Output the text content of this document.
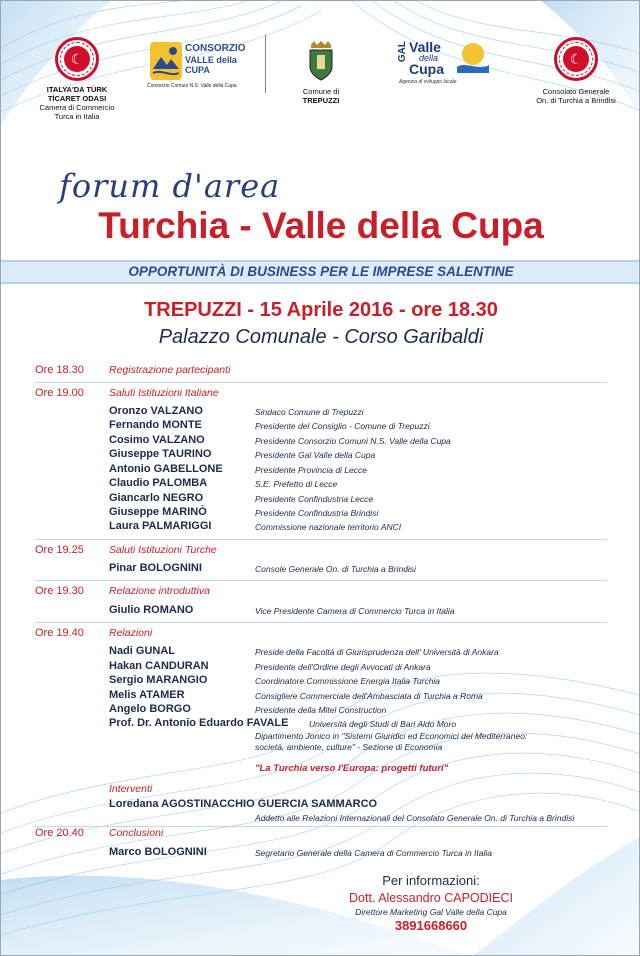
☾
ITALYA'DA TÜRK
TİCARET ODASI
Camera di Commercio
Turca in Italia
CONSORZIO
VALLE della CUPA
Consorzio Comuni N.S. Valle della Cupa
Comune di
TREPUZZI
GAL Valle
della
Cupa
Agenzia di sviluppo locale
☾
Consolato Generale
On. di Turchia a Brindisi
forum d'area
Turchia - Valle della Cupa
OPPORTUNITÀ DI BUSINESS PER LE IMPRESE SALENTINE
TREPUZZI - 15 Aprile 2016 - ore 18.30
Palazzo Comunale - Corso Garibaldi
Ore 18.30 Registrazione partecipanti
Ore 19.00 Saluti Istituzioni Italiane
Oronzo VALZANO	Sindaco Comune di Trepuzzi
Fernando MONTE	Presidente del Consiglio - Comune di Trepuzzi
Cosimo VALZANO	Presidente Consorzio Comuni N.S. Valle della Cupa
Giuseppe TAURINO	Presidente Gal Valle della Cupa
Antonio GABELLONE	Presidente Provincia di Lecce
Claudio PALOMBA	S.E. Prefetto di Lecce
Giancarlo NEGRO	Presidente Confindustria Lecce
Giuseppe MARINÒ	Presidente Confindustria Brindisi
Laura PALMARIGGI	Commissione nazionale territorio ANCI
Ore 19.25 Saluti Istituzioni Turche
Pinar BOLOGNINI	Console Generale On. di Turchia a Brindisi
Ore 19.30 Relazione introduttiva
Giulio ROMANO	Vice Presidente Camera di Commercio Turca in Italia
Ore 19.40 Relazioni
Nadi GUNAL	Preside della Facoltà di Giurisprudenza dell' Università di Ankara
Hakan CANDURAN	Presidente dell'Ordine degli Avvocati di Ankara
Sergio MARANGIO	Coordinatore Commissione Energia Italia Turchia
Melis ATAMER	Consigliere Commerciale dell'Ambasciata di Turchia a Roma
Angelo BORGO	Presidente della Mitel Construction
Prof. Dr. Antonio Eduardo FAVALE Università degli Studi di Bari Aldo Moro
Dipartimento Jonico in "Sistemi Giuridici ed Economici del Mediterraneo:
società, ambiente, culture" - Sezione di Economia
"La Turchia verso l'Europa: progetti futuri"
Interventi
Loredana AGOSTINACCHIO GUERCIA SAMMARCO
Addetto alle Relazioni Internazionali del Consolato Generale On. di Turchia a Brindisi
Ore 20.40 Conclusioni
Marco BOLOGNINI	Segretario Generale della Camera di Commercio Turca in Italia
Per informazioni:
Dott. Alessandro CAPODIECI
Direttore Marketing Gal Valle della Cupa
3891668660
